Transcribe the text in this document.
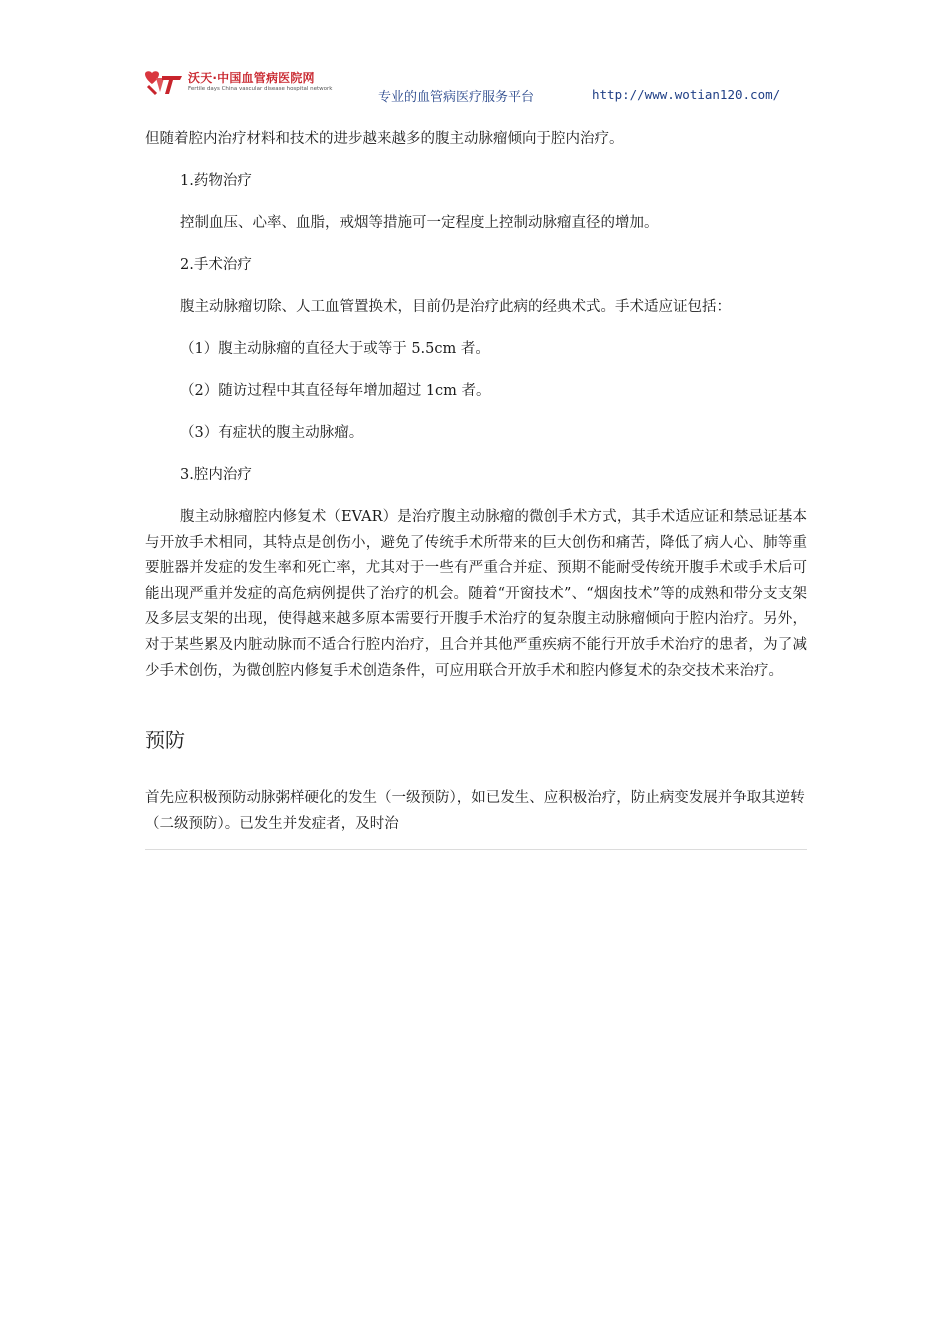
沃天·中国血管病医院网
Fertile days China vascular disease hospital network
专业的血管病医疗服务平台	http://www.wotian120.com/

但随着腔内治疗材料和技术的进步越来越多的腹主动脉瘤倾向于腔内治疗。

1.药物治疗

控制血压、心率、血脂，戒烟等措施可一定程度上控制动脉瘤直径的增加。

2.手术治疗

腹主动脉瘤切除、人工血管置换术，目前仍是治疗此病的经典术式。手术适应证包括：

（1）腹主动脉瘤的直径大于或等于 5.5cm 者。

（2）随访过程中其直径每年增加超过 1cm 者。

（3）有症状的腹主动脉瘤。

3.腔内治疗

腹主动脉瘤腔内修复术（EVAR）是治疗腹主动脉瘤的微创手术方式，其手术适应证和禁忌证基本与开放手术相同，其特点是创伤小，避免了传统手术所带来的巨大创伤和痛苦，降低了病人心、肺等重要脏器并发症的发生率和死亡率，尤其对于一些有严重合并症、预期不能耐受传统开腹手术或手术后可能出现严重并发症的高危病例提供了治疗的机会。随着“开窗技术”、“烟囱技术”等的成熟和带分支支架及多层支架的出现，使得越来越多原本需要行开腹手术治疗的复杂腹主动脉瘤倾向于腔内治疗。另外，对于某些累及内脏动脉而不适合行腔内治疗，且合并其他严重疾病不能行开放手术治疗的患者，为了减少手术创伤，为微创腔内修复手术创造条件，可应用联合开放手术和腔内修复术的杂交技术来治疗。

预防

首先应积极预防动脉粥样硬化的发生（一级预防），如已发生、应积极治疗，防止病变发展并争取其逆转（二级预防）。已发生并发症者，及时治
